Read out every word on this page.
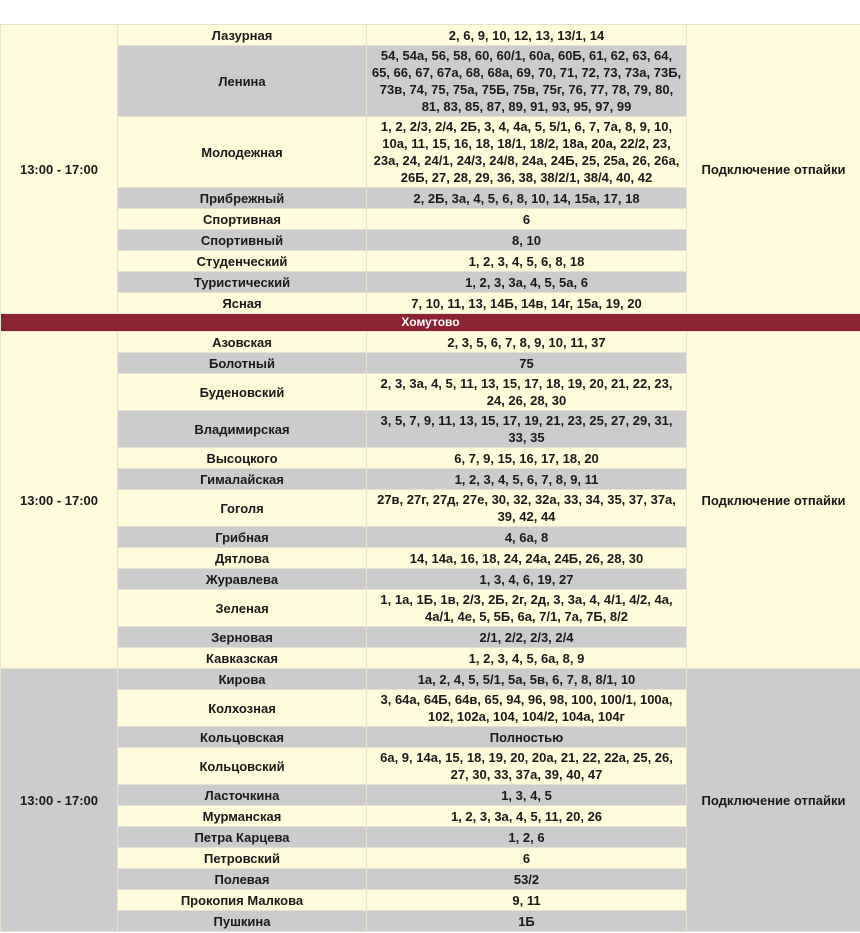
13:00 - 17:00	Лазурная	2, 6, 9, 10, 12, 13, 13/1, 14	Подключение отпайки
	Ленина	54, 54а, 56, 58, 60, 60/1, 60а, 60Б, 61, 62, 63, 64, 65, 66, 67, 67а, 68, 68а, 69, 70, 71, 72, 73, 73а, 73Б, 73в, 74, 75, 75а, 75Б, 75в, 75г, 76, 77, 78, 79, 80, 81, 83, 85, 87, 89, 91, 93, 95, 97, 99	
	Молодежная	1, 2, 2/3, 2/4, 2Б, 3, 4, 4а, 5, 5/1, 6, 7, 7а, 8, 9, 10, 10а, 11, 15, 16, 18, 18/1, 18/2, 18а, 20а, 22/2, 23, 23а, 24, 24/1, 24/3, 24/8, 24а, 24Б, 25, 25а, 26, 26а, 26Б, 27, 28, 29, 36, 38, 38/2/1, 38/4, 40, 42	
	Прибрежный	2, 2Б, 3а, 4, 5, 6, 8, 10, 14, 15а, 17, 18	
	Спортивная	6	
	Спортивный	8, 10	
	Студенческий	1, 2, 3, 4, 5, 6, 8, 18	
	Туристический	1, 2, 3, 3а, 4, 5, 5а, 6	
	Ясная	7, 10, 11, 13, 14Б, 14в, 14г, 15а, 19, 20	
Хомутово			
13:00 - 17:00	Азовская	2, 3, 5, 6, 7, 8, 9, 10, 11, 37	Подключение отпайки
	Болотный	75	
	Буденовский	2, 3, 3а, 4, 5, 11, 13, 15, 17, 18, 19, 20, 21, 22, 23, 24, 26, 28, 30	
	Владимирская	3, 5, 7, 9, 11, 13, 15, 17, 19, 21, 23, 25, 27, 29, 31, 33, 35	
	Высоцкого	6, 7, 9, 15, 16, 17, 18, 20	
	Гималайская	1, 2, 3, 4, 5, 6, 7, 8, 9, 11	
	Гоголя	27в, 27г, 27д, 27е, 30, 32, 32а, 33, 34, 35, 37, 37а, 39, 42, 44	
	Грибная	4, 6а, 8	
	Дятлова	14, 14а, 16, 18, 24, 24а, 24Б, 26, 28, 30	
	Журавлева	1, 3, 4, 6, 19, 27	
	Зеленая	1, 1а, 1Б, 1в, 2/3, 2Б, 2г, 2д, 3, 3а, 4, 4/1, 4/2, 4а, 4а/1, 4е, 5, 5Б, 6а, 7/1, 7а, 7Б, 8/2	
	Зерновая	2/1, 2/2, 2/3, 2/4	
	Кавказская	1, 2, 3, 4, 5, 6а, 8, 9	
13:00 - 17:00	Кирова	1а, 2, 4, 5, 5/1, 5а, 5в, 6, 7, 8, 8/1, 10	Подключение отпайки
	Колхозная	3, 64а, 64Б, 64в, 65, 94, 96, 98, 100, 100/1, 100а, 102, 102а, 104, 104/2, 104а, 104г	
	Кольцовская	Полностью	
	Кольцовский	6а, 9, 14а, 15, 18, 19, 20, 20а, 21, 22, 22а, 25, 26, 27, 30, 33, 37а, 39, 40, 47	
	Ласточкина	1, 3, 4, 5	
	Мурманская	1, 2, 3, 3а, 4, 5, 11, 20, 26	
	Петра Карцева	1, 2, 6	
	Петровский	6	
	Полевая	53/2	
	Прокопия Малкова	9, 11	
	Пушкина	1Б	
